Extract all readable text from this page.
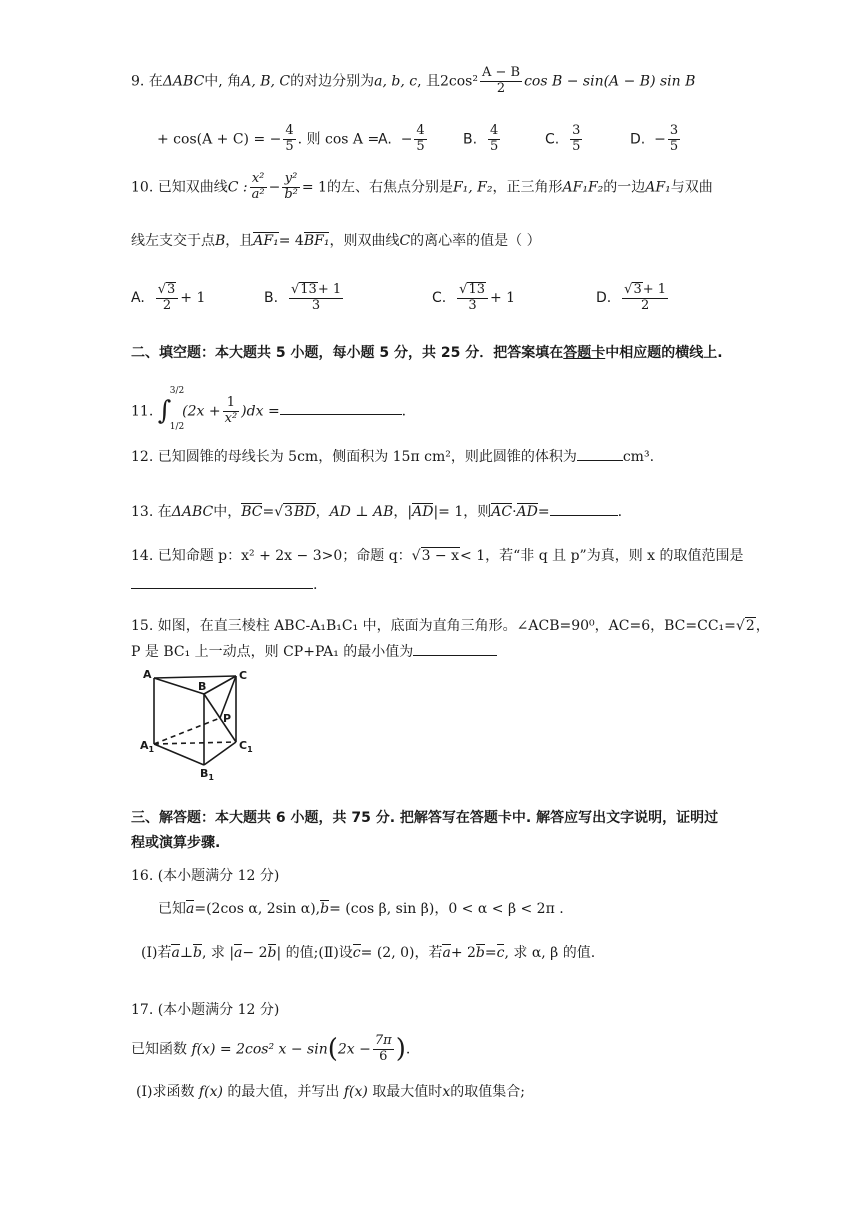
9. 在ΔABC中, 角A, B, C的对边分别为a, b, c, 且$2\cos^2 \frac{A - B}{2}$ cos B − sin(A − B) sin B
+ cos(A + C) = − $\frac{4}{5}$ . 则 cos A =
A. − $\frac{4}{5}$	B. $\frac{4}{5}$	C. $\frac{3}{5}$	D. − $\frac{3}{5}$
10. 已知双曲线C : $\frac{\text{x²}}{\text{a²}} - \frac{\text{y²}}{\text{b²}} = 1$的左、右焦点分别是F₁, F₂，正三角形AF₁F₂的一边AF₁与双曲
线左支交于点B，且AF₁= 4BF₁，则双曲线C的离心率的值是（ ）
A. $\frac{√3}{2} + 1$	B. $\frac{√13+ 1}{3}$	C. $\frac{√13}{3} + 1$	D. $\frac{√3+ 1}{2}$
二、填空题：本大题共 5 小题，每小题 5 分，共 25 分．把答案填在答题卡中相应题的横线上.
11. ∫
3/2
1/2
$(2x + \frac{1}{\text{x²}} )dx$ =	.
12. 已知圆锥的母线长为 5cm，侧面积为 15π cm²，则此圆锥的体积为	cm³.
13. 在ΔABC中，BC=√3BD，AD ⊥ AB，|AD|= 1，则AC·AD=	.
14. 已知命题 p：x² + 2x − 3>0；命题 q：√3 − x< 1，若“非 q 且 p”为真，则 x 的取值范围是
.
15. 如图，在直三棱柱 ABC-A₁B₁C₁ 中，底面为直角三角形。∠ACB=90⁰，AC=6，BC=CC₁=√2，
P 是 BC₁ 上一动点，则 CP+PA₁ 的最小值为
A
B
C
P
$A_1$	$C_1$
$B_1$
三、解答题：本大题共 6 小题，共 75 分. 把解答写在答题卡中. 解答应写出文字说明，证明过
程或演算步骤.
16. (本小题满分 12 分)
已知a=(2cos α, 2sin α),b= (cos β, sin β)，0 < α < β < 2π .
(Ⅰ)若a⊥b, 求 |a− 2b| 的值;(Ⅱ)设c= (2, 0)，若a+ 2b=c, 求 α, β 的值.
17. (本小题满分 12 分)
已知函数 f(x) = 2cos² $x - \sin(2x - \frac{7\pi}{6}$ ).
(Ⅰ)求函数 f(x) 的最大值，并写出 f(x) 取最大值时x的取值集合;
